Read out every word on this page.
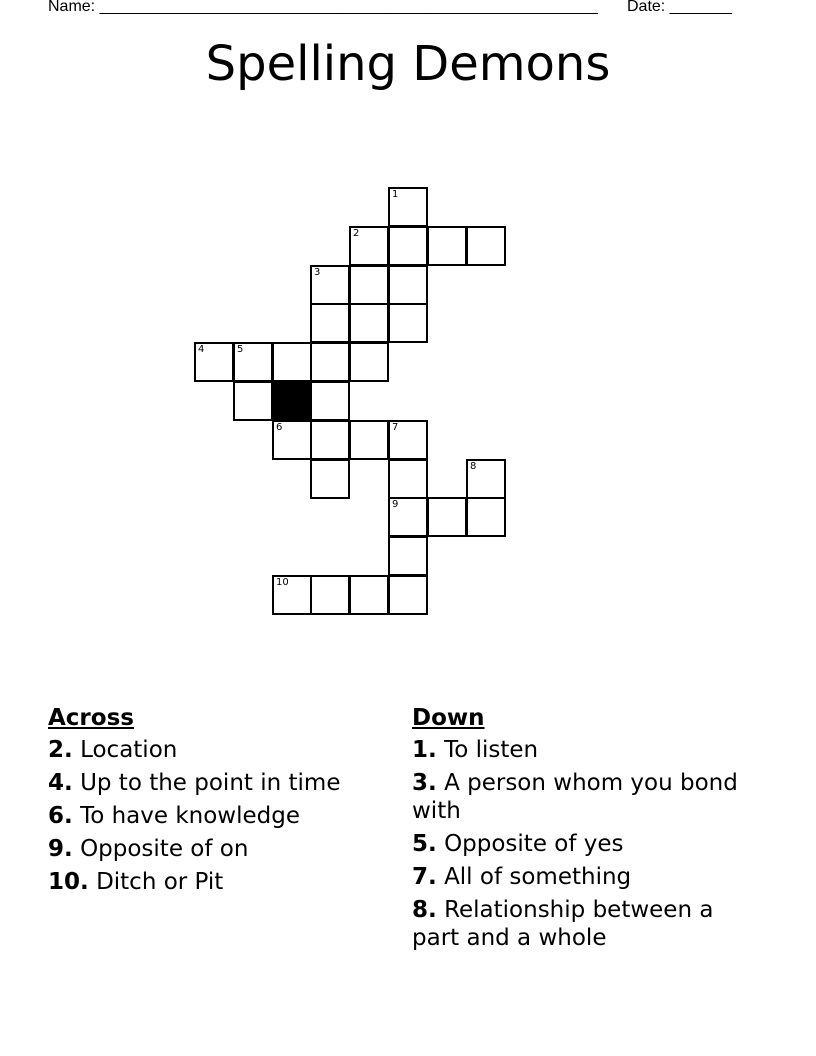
Name: ________________________________________________________ Date: _______
Spelling Demons
1
2
3
4	5
6	7
8
9
10
Across
2. Location
4. Up to the point in time
6. To have knowledge
9. Opposite of on
10. Ditch or Pit
Down
1. To listen
3. A person whom you bond with
5. Opposite of yes
7. All of something
8. Relationship between a part and a whole
